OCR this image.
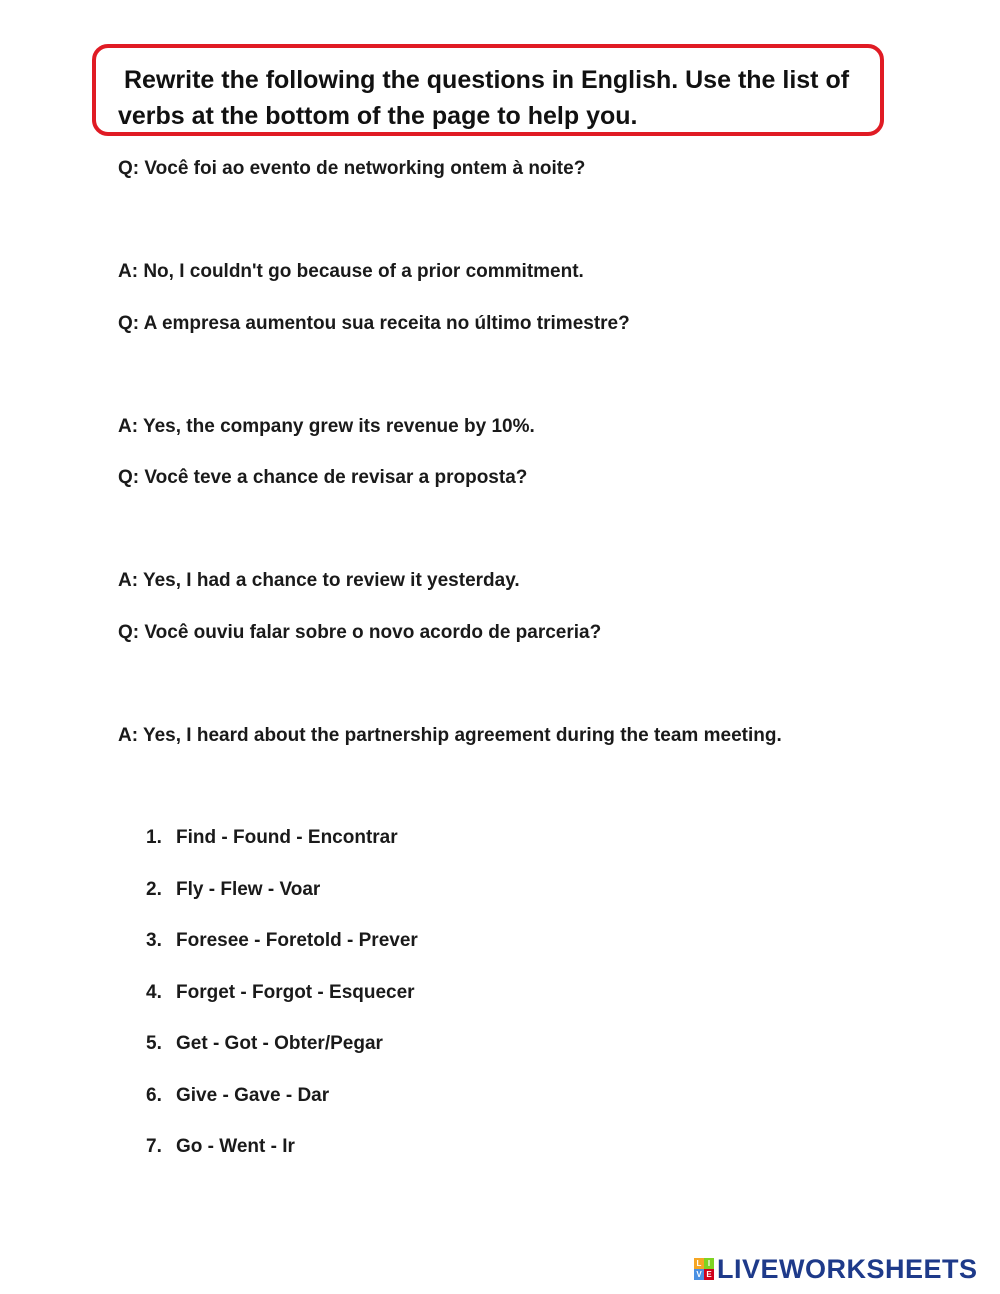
Rewrite the following the questions in English. Use the list of
verbs at the bottom of the page to help you.

Q: Você foi ao evento de networking ontem à noite?

A: No, I couldn't go because of a prior commitment.

Q: A empresa aumentou sua receita no último trimestre?

A: Yes, the company grew its revenue by 10%.

Q: Você teve a chance de revisar a proposta?

A: Yes, I had a chance to review it yesterday.

Q: Você ouviu falar sobre o novo acordo de parceria?

A: Yes, I heard about the partnership agreement during the team meeting.

1. Find - Found - Encontrar
2. Fly - Flew - Voar
3. Foresee - Foretold - Prever
4. Forget - Forgot - Esquecer
5. Get - Got - Obter/Pegar
6. Give - Gave - Dar
7. Go - Went - Ir
L I
V E LIVEWORKSHEETS
